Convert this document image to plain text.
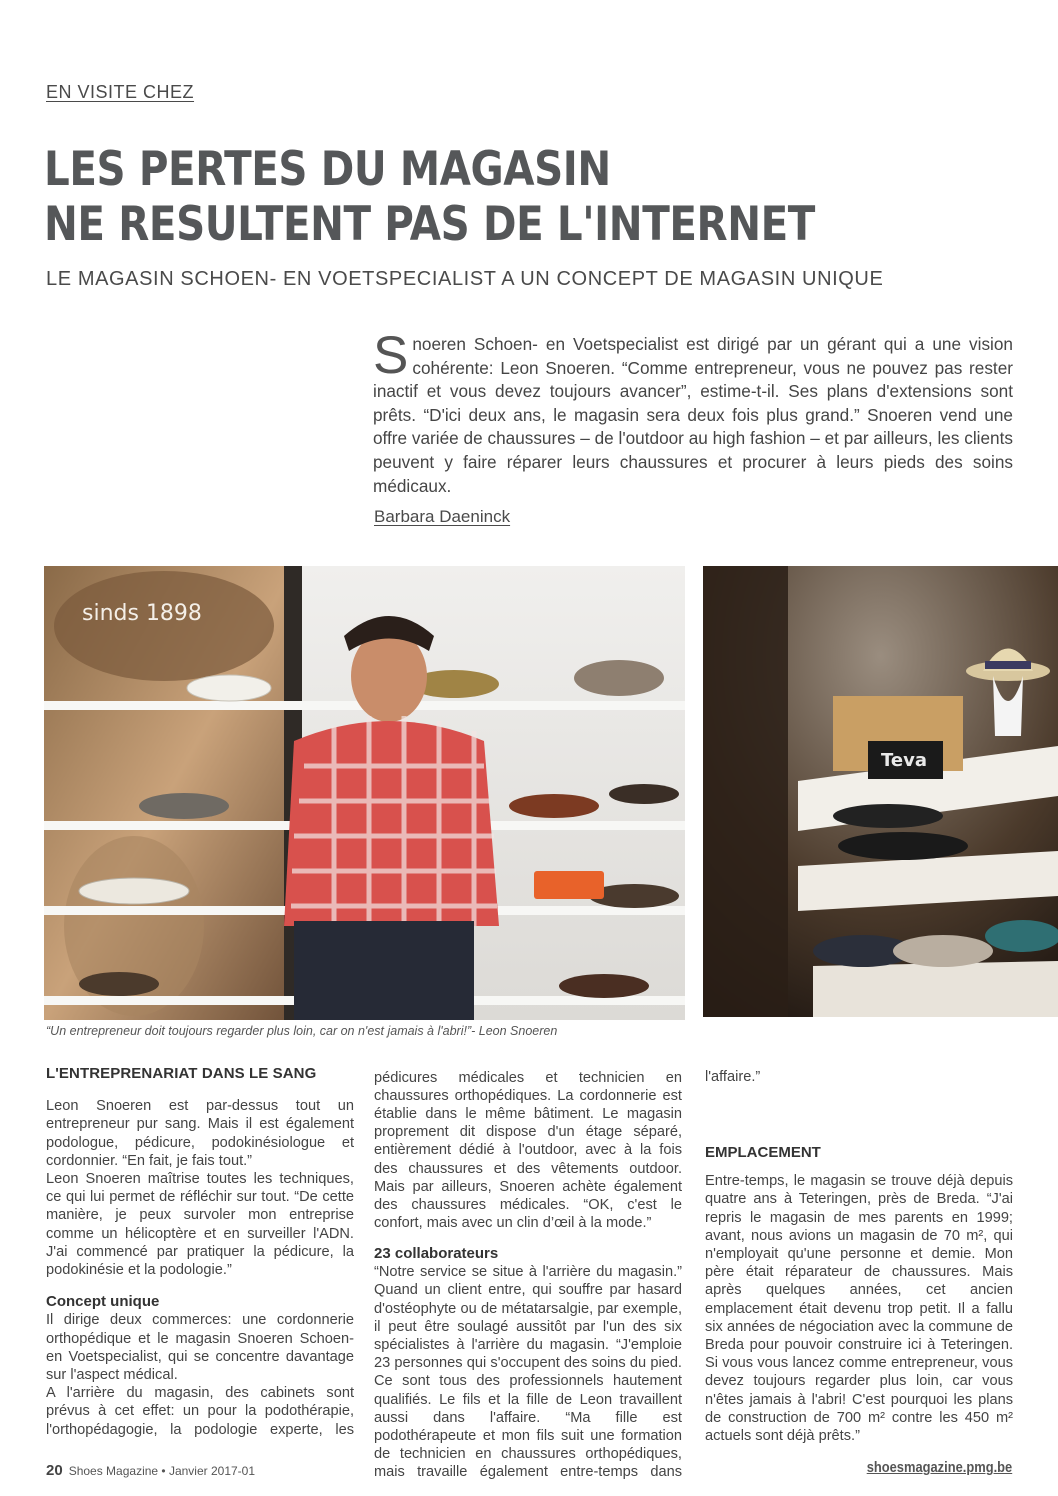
EN VISITE CHEZ
LES PERTES DU MAGASIN
NE RESULTENT PAS DE L'INTERNET
LE MAGASIN SCHOEN- EN VOETSPECIALIST A UN CONCEPT DE MAGASIN UNIQUE

Snoeren Schoen- en Voetspecialist est dirigé par un gérant qui a une vision cohérente: Leon Snoeren. “Comme entrepreneur, vous ne pouvez pas rester inactif et vous devez toujours avancer”, estime-t-il. Ses plans d'extensions sont prêts. “D'ici deux ans, le magasin sera deux fois plus grand.” Snoeren vend une offre variée de chaussures – de l'outdoor au high fashion – et par ailleurs, les clients peuvent y faire réparer leurs chaussures et procurer à leurs pieds des soins médicaux.

Barbara Daeninck
sinds 1898
Teva
“Un entrepreneur doit toujours regarder plus loin, car on n'est jamais à l'abri!”- Leon Snoeren
L'ENTREPRENARIAT DANS LE SANG

Leon Snoeren est par-dessus tout un entrepreneur pur sang. Mais il est également podologue, pédicure, podokinésiologue et cordonnier. “En fait, je fais tout.”

Leon Snoeren maîtrise toutes les techniques, ce qui lui permet de réfléchir sur tout. “De cette manière, je peux survoler mon entreprise comme un hélicoptère et en surveiller l'ADN. J'ai commencé par pratiquer la pédicure, la podokinésie et la podologie.”

Concept unique

Il dirige deux commerces: une cordonnerie orthopédique et le magasin Snoeren Schoen-en Voetspecialist, qui se concentre davantage sur l'aspect médical.

A l'arrière du magasin, des cabinets sont prévus à cet effet: un pour la podothérapie, l'orthopédagogie, la podologie experte, les

pédicures médicales et technicien en chaussures orthopédiques. La cordonnerie est établie dans le même bâtiment. Le magasin proprement dit dispose d'un étage séparé, entièrement dédié à l'outdoor, avec à la fois des chaussures et des vêtements outdoor. Mais par ailleurs, Snoeren achète également des chaussures médicales. “OK, c'est le confort, mais avec un clin d’œil à la mode.”

23 collaborateurs

“Notre service se situe à l'arrière du magasin.” Quand un client entre, qui souffre par hasard d'ostéophyte ou de métatarsalgie, par exemple, il peut être soulagé aussitôt par l'un des six spécialistes à l'arrière du magasin. “J'emploie 23 personnes qui s'occupent des soins du pied. Ce sont tous des professionnels hautement qualifiés. Le fils et la fille de Leon travaillent aussi dans l'affaire. “Ma fille est podothérapeute et mon fils suit une formation de technicien en chaussures orthopédiques, mais travaille également entre-temps dans

l'affaire.”

EMPLACEMENT

Entre-temps, le magasin se trouve déjà depuis quatre ans à Teteringen, près de Breda. “J'ai repris le magasin de mes parents en 1999; avant, nous avions un magasin de 70 m², qui n'employait qu'une personne et demie. Mon père était réparateur de chaussures. Mais après quelques années, cet ancien emplacement était devenu trop petit. Il a fallu six années de négociation avec la commune de Breda pour pouvoir construire ici à Teteringen. Si vous vous lancez comme entrepreneur, vous devez toujours regarder plus loin, car vous n'êtes jamais à l'abri! C'est pourquoi les plans de construction de 700 m² contre les 450 m² actuels sont déjà prêts.”

20 Shoes Magazine • Janvier 2017-01	shoesmagazine.pmg.be
